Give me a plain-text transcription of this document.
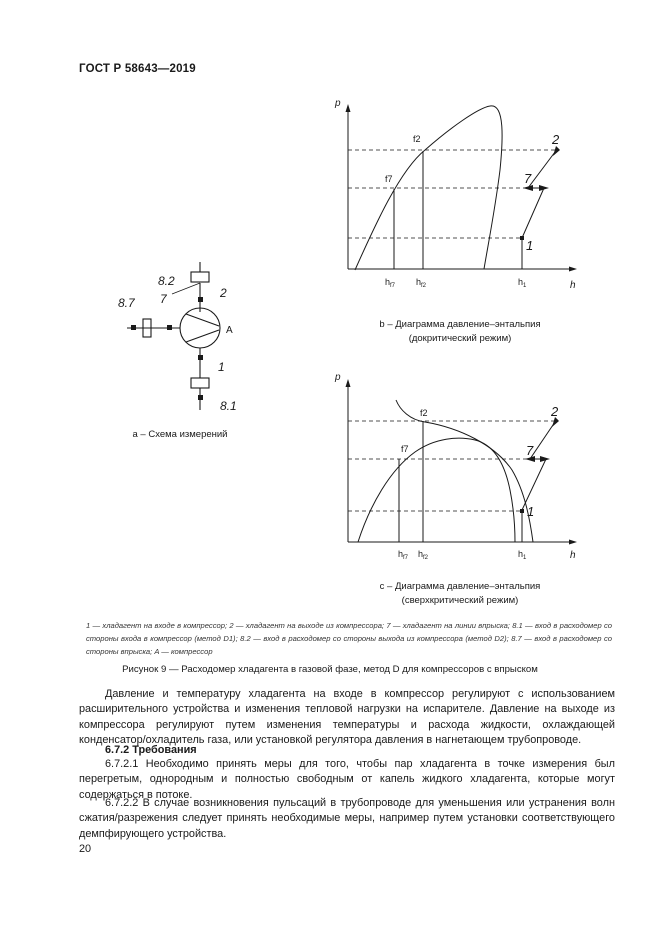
ГОСТ Р 58643—2019
p
h
f2
f7
2
7
1
$h_{f7}$ $h_{f2}$	$h_1$
b – Диаграмма давление–энтальпия
(докритический режим)
8.2
2
8.7 7
A
1
8.1
a – Схема измерений
p
h
f2
f7
2
7
1
$h_{f7}$ $h_{f2}$	$h_1$
c – Диаграмма давление–энтальпия
(сверхкритический режим)
1 — хладагент на входе в компрессор; 2 — хладагент на выходе из компрессора; 7 — хладагент на линии впрыска; 8.1 — вход в расходомер со стороны входа в компрессор (метод D1); 8.2 — вход в расходомер со стороны выхода из компрессора (метод D2); 8.7 — вход в расходомер со стороны впрыска; A — компрессор
Рисунок 9 — Расходомер хладагента в газовой фазе, метод D для компрессоров с впрыском
Давление и температуру хладагента на входе в компрессор регулируют с использованием расширительного устройства и изменения тепловой нагрузки на испарителе. Давление на выходе из компрессора регулируют путем изменения температуры и расхода жидкости, охлаждающей конденсатор/охладитель газа, или установкой регулятора давления в нагнетающем трубопроводе.
6.7.2 Требования
6.7.2.1 Необходимо принять меры для того, чтобы пар хладагента в точке измерения был перегретым, однородным и полностью свободным от капель жидкого хладагента, которые могут содержаться в потоке.
6.7.2.2 В случае возникновения пульсаций в трубопроводе для уменьшения или устранения волн сжатия/разрежения следует принять необходимые меры, например путем установки соответствующего демпфирующего устройства.
20
